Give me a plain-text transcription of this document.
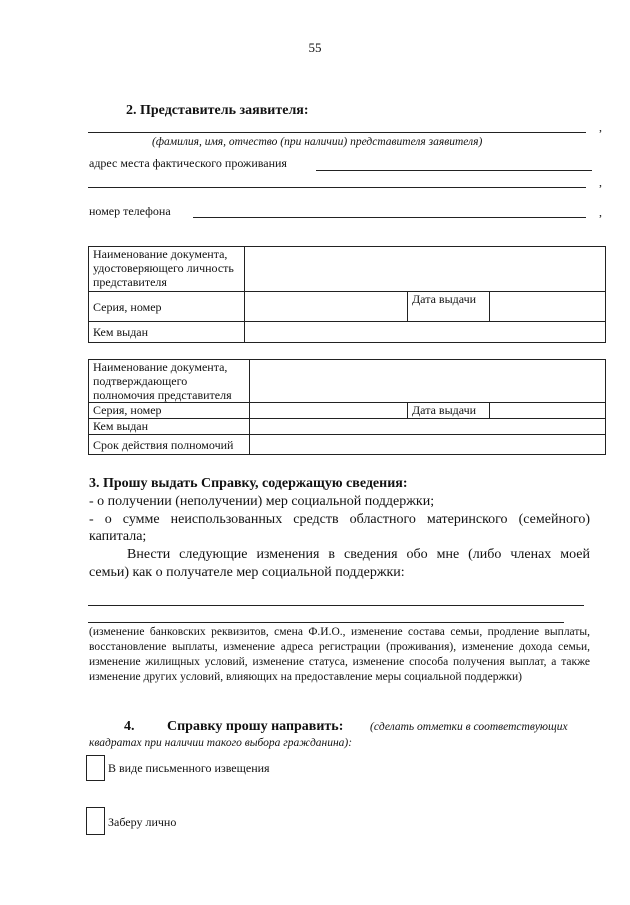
55
2. Представитель заявителя:
,
(фамилия, имя, отчество (при наличии) представителя заявителя)
адрес места фактического проживания
,
номер телефона	,
Наименование документа, удостоверяющего личность представителя			
Серия, номер		Дата выдачи	
Кем выдан			
Наименование документа, подтверждающего полномочия представителя			
Серия, номер		Дата выдачи	
Кем выдан			
Срок действия полномочий			
3. Прошу выдать Справку, содержащую сведения:
- о получении (неполучении) мер социальной поддержки;
- о сумме неиспользованных средств областного материнского (семейного)
капитала;
Внести следующие изменения в сведения обо мне (либо членах моей
семьи) как о получателе мер социальной поддержки:
(изменение банковских реквизитов, смена Ф.И.О., изменение состава семьи, продление выплаты, восстановление выплаты, изменение адреса регистрации (проживания), изменение дохода семьи, изменение жилищных условий, изменение статуса, изменение способа получения выплат, а также изменение других условий, влияющих на предоставление меры социальной поддержки)
4. Справку прошу направить: (сделать отметки в соответствующих
квадратах при наличии такого выбора гражданина):
В виде письменного извещения
Заберу лично
